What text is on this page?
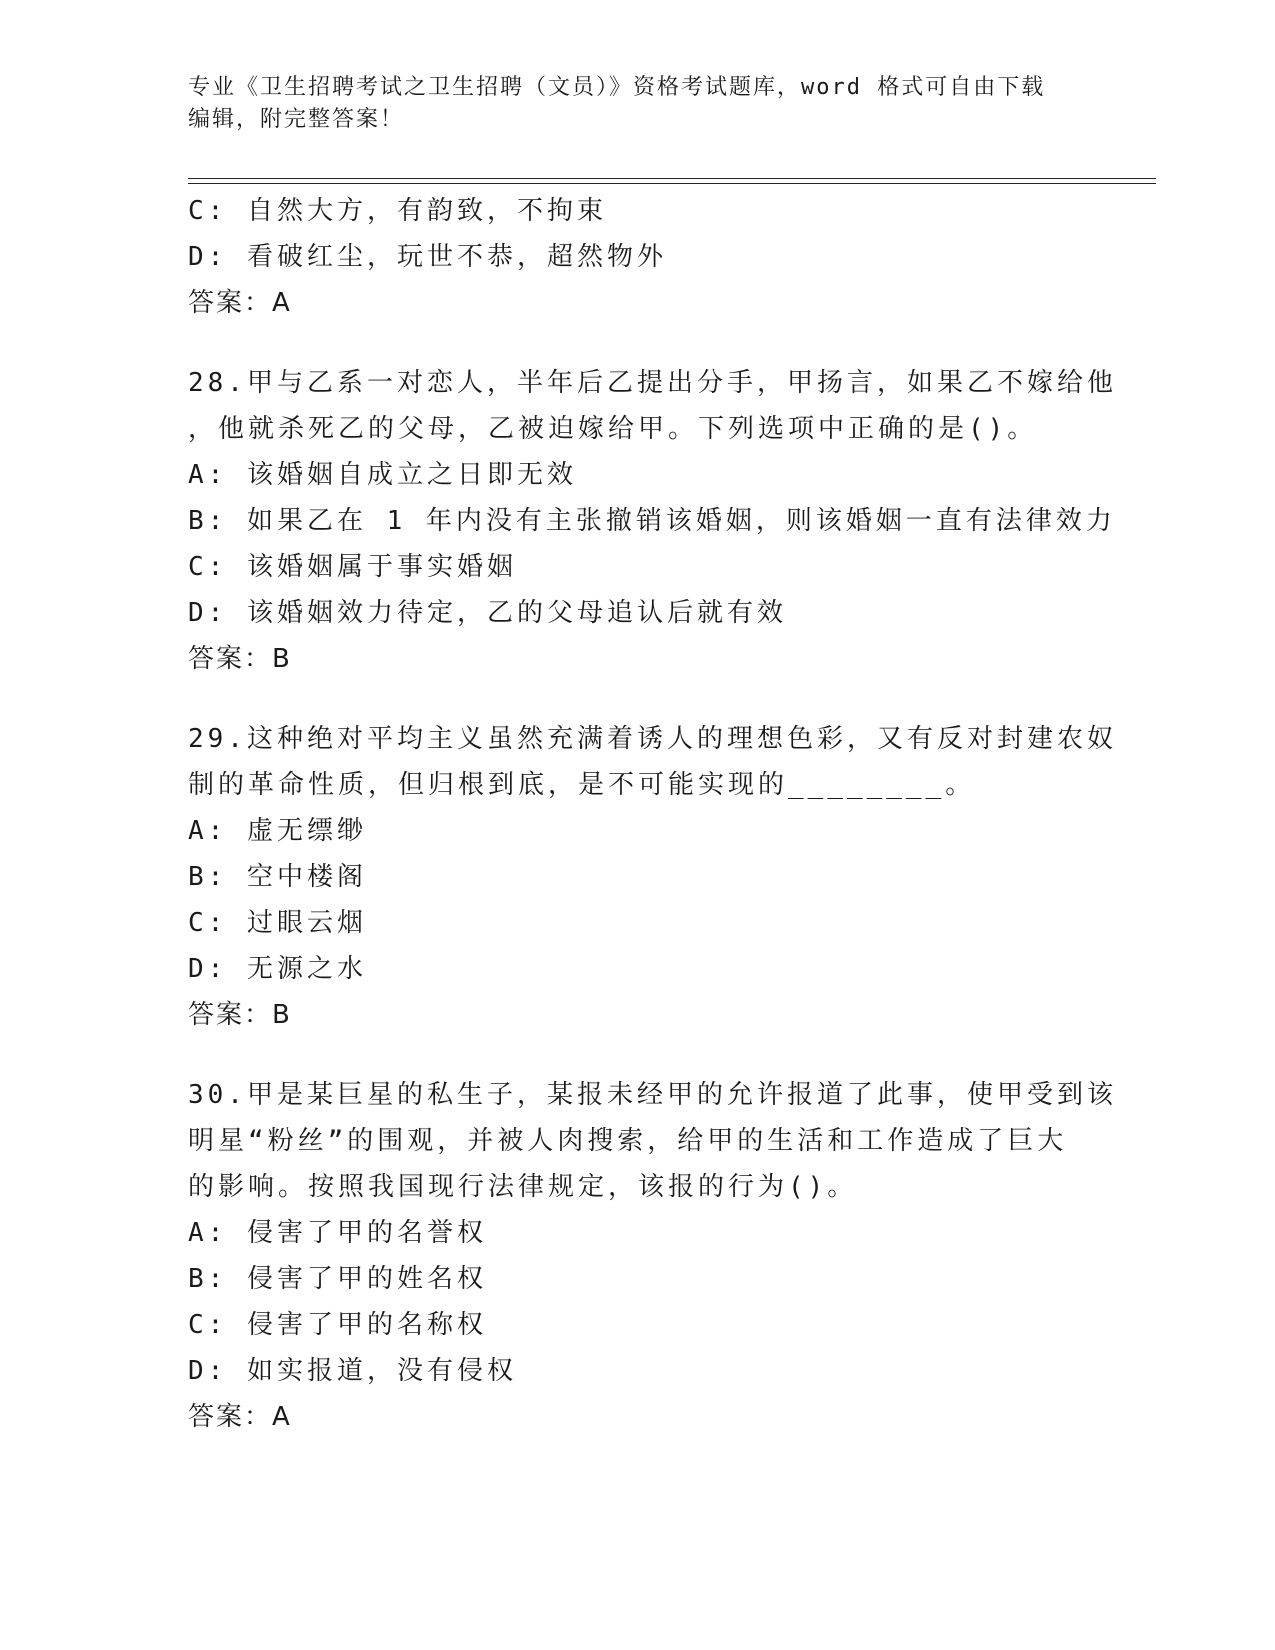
专业《卫生招聘考试之卫生招聘（文员）》资格考试题库，word 格式可自由下载

编辑，附完整答案！

C: 自然大方，有韵致，不拘束
D: 看破红尘，玩世不恭，超然物外
答案：A
28.甲与乙系一对恋人，半年后乙提出分手，甲扬言，如果乙不嫁给他
，他就杀死乙的父母，乙被迫嫁给甲。下列选项中正确的是()。
A: 该婚姻自成立之日即无效
B: 如果乙在 1 年内没有主张撤销该婚姻，则该婚姻一直有法律效力
C: 该婚姻属于事实婚姻
D: 该婚姻效力待定，乙的父母追认后就有效
答案：B
29.这种绝对平均主义虽然充满着诱人的理想色彩，又有反对封建农奴
制的革命性质，但归根到底，是不可能实现的________。
A: 虚无缥缈
B: 空中楼阁
C: 过眼云烟
D: 无源之水
答案：B
30.甲是某巨星的私生子，某报未经甲的允许报道了此事，使甲受到该
明星“粉丝”的围观，并被人肉搜索，给甲的生活和工作造成了巨大
的影响。按照我国现行法律规定，该报的行为()。
A: 侵害了甲的名誉权
B: 侵害了甲的姓名权
C: 侵害了甲的名称权
D: 如实报道，没有侵权
答案：A
